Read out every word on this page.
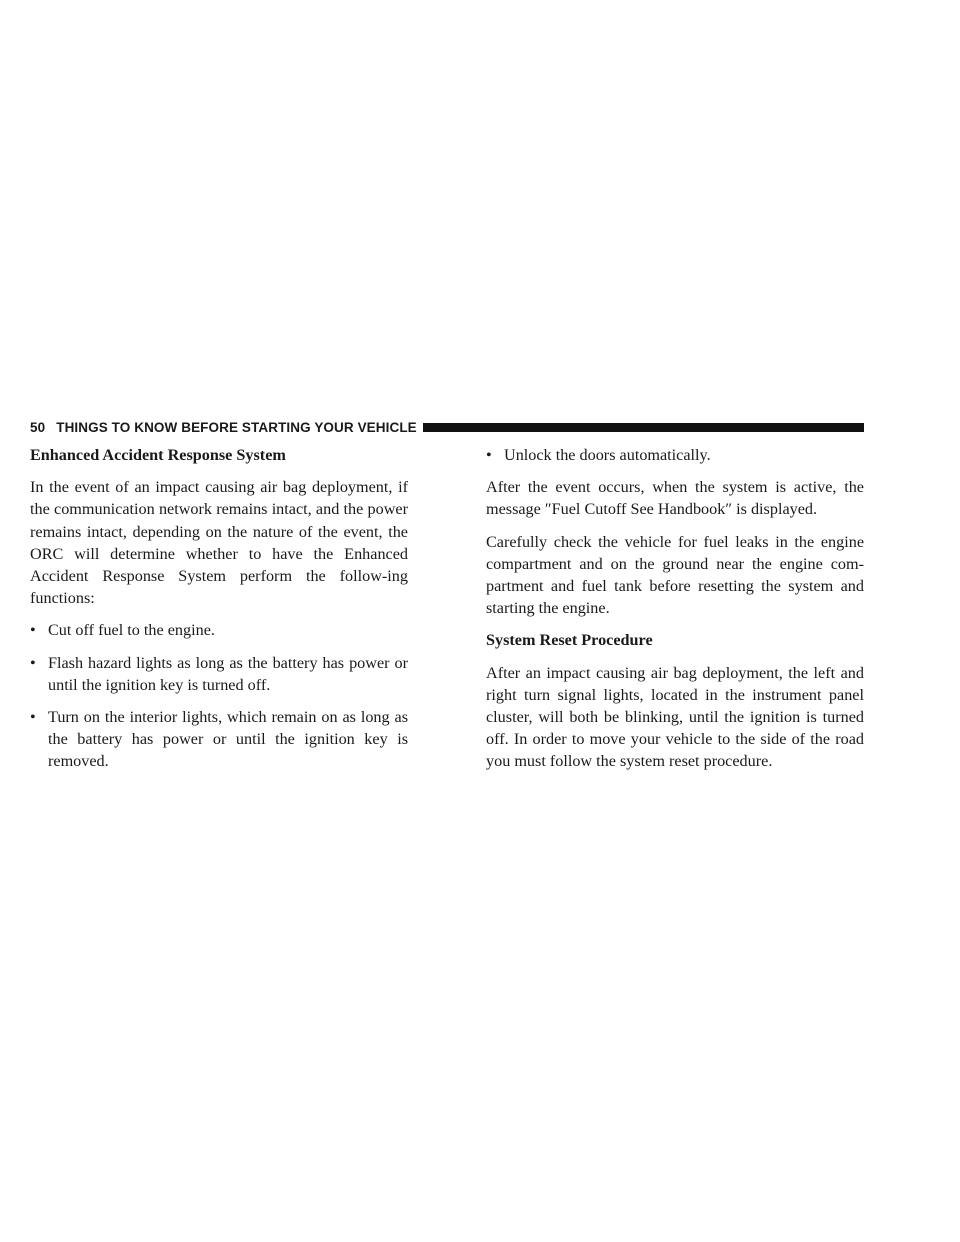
50 THINGS TO KNOW BEFORE STARTING YOUR VEHICLE

Enhanced Accident Response System

In the event of an impact causing air bag deployment, if the communication network remains intact, and the power remains intact, depending on the nature of the event, the ORC will determine whether to have the Enhanced Accident Response System perform the follow-ing functions:

• Cut off fuel to the engine.
• Flash hazard lights as long as the battery has power or until the ignition key is turned off.
• Turn on the interior lights, which remain on as long as the battery has power or until the ignition key is removed.
• Unlock the doors automatically.

After the event occurs, when the system is active, the message ″Fuel Cutoff See Handbook″ is displayed.

Carefully check the vehicle for fuel leaks in the engine compartment and on the ground near the engine com-partment and fuel tank before resetting the system and starting the engine.

System Reset Procedure

After an impact causing air bag deployment, the left and right turn signal lights, located in the instrument panel cluster, will both be blinking, until the ignition is turned off. In order to move your vehicle to the side of the road you must follow the system reset procedure.
